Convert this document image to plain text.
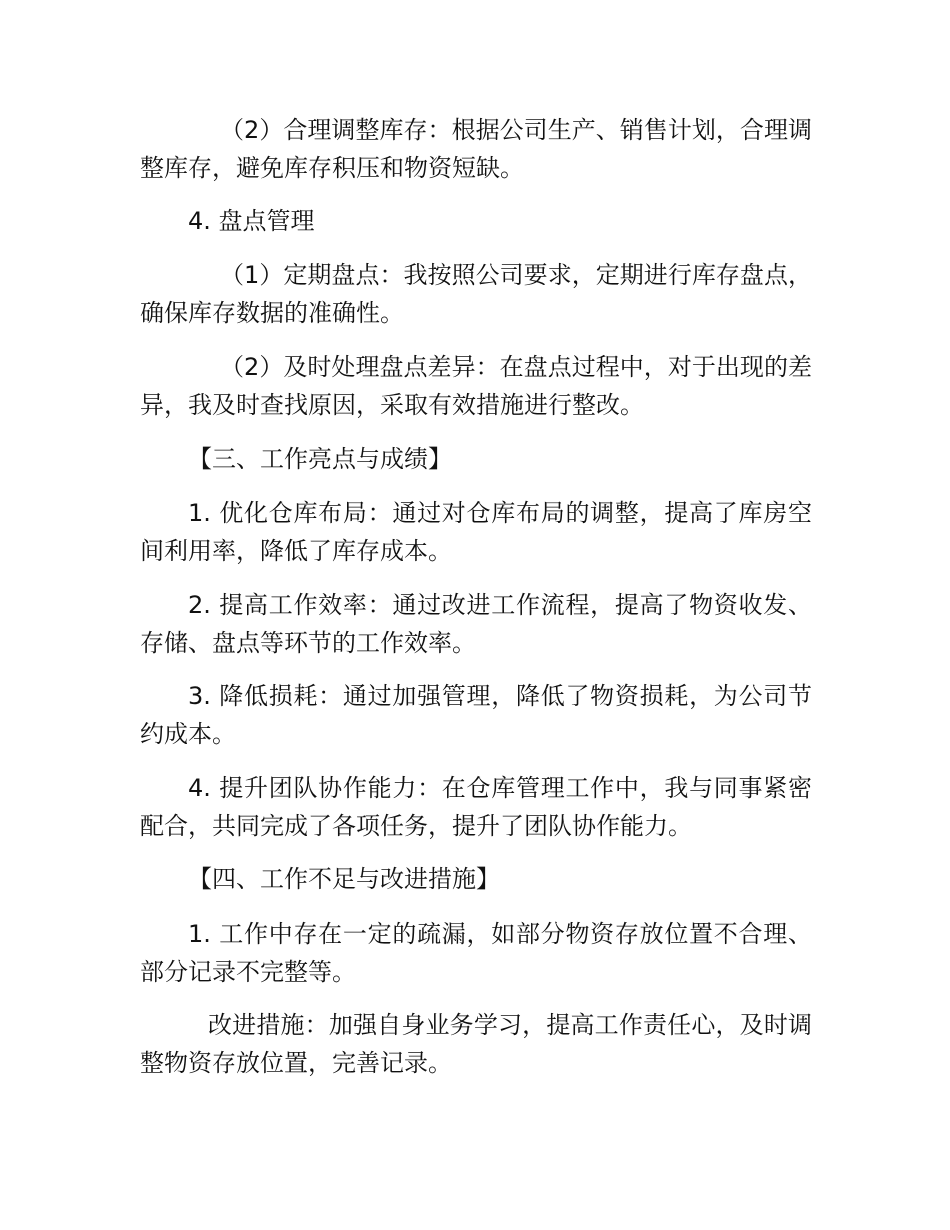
（2）合理调整库存：根据公司生产、销售计划，合理调整库存，避免库存积压和物资短缺。

4. 盘点管理

（1）定期盘点：我按照公司要求，定期进行库存盘点，确保库存数据的准确性。

（2）及时处理盘点差异：在盘点过程中，对于出现的差异，我及时查找原因，采取有效措施进行整改。

【三、工作亮点与成绩】

1. 优化仓库布局：通过对仓库布局的调整，提高了库房空间利用率，降低了库存成本。

2. 提高工作效率：通过改进工作流程，提高了物资收发、存储、盘点等环节的工作效率。

3. 降低损耗：通过加强管理，降低了物资损耗，为公司节约成本。

4. 提升团队协作能力：在仓库管理工作中，我与同事紧密配合，共同完成了各项任务，提升了团队协作能力。

【四、工作不足与改进措施】

1. 工作中存在一定的疏漏，如部分物资存放位置不合理、部分记录不完整等。

改进措施：加强自身业务学习，提高工作责任心，及时调整物资存放位置，完善记录。
